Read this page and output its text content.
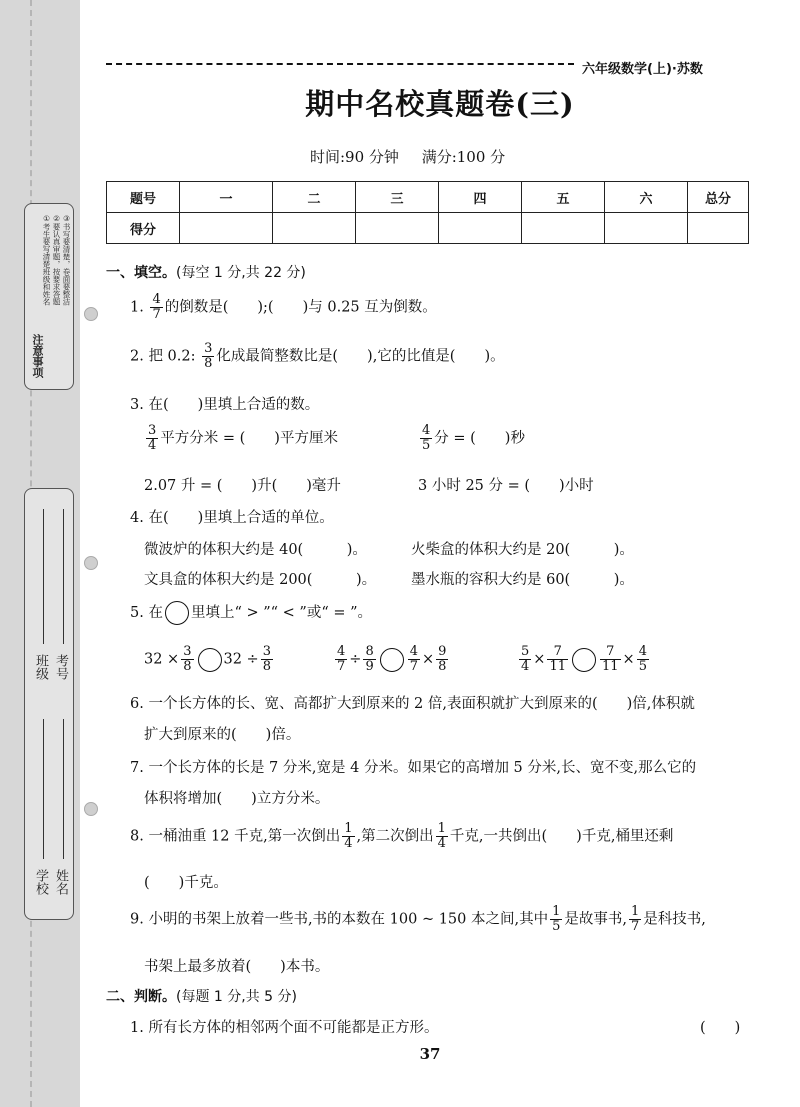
注意事项
①考生要写清楚班级和姓名 ②要认真审题，按要求答题 ③书写要清楚，卷面要整洁
班级 考号
学校 姓名
六年级数学(上)·苏数
期中名校真题卷(三)
时间:90 分钟 满分:100 分
题号	一	二	三	四	五	六	总分
得分							
一、填空。(每空 1 分,共 22 分)
1. $\frac{4}{7}$ 的倒数是(　　);(　　)与 0.25 互为倒数。
2. 把 0.2: $\frac{3}{8}$ 化成最简整数比是(　　),它的比值是(　　)。
3. 在(　　)里填上合适的数。
$\frac{3}{4}$ 平方分米 = (　　)平方厘米	$\frac{4}{5}$ 分 = (　　)秒
2.07 升 = (　　)升(　　)毫升	3 小时 25 分 = (　　)小时
4. 在(　　)里填上合适的单位。
微波炉的体积大约是 40(　　　)。	火柴盒的体积大约是 20(　　　)。
文具盒的体积大约是 200(　　　)。 墨水瓶的容积大约是 60(　　　)。
5. 在 里填上“ > ”“ < ”或“ = ”。
$32 \times \frac{3}{8} 32 \div \frac{3}{8}$	$\frac{4}{7} \div \frac{8}{9} \frac{4}{7} \times \frac{9}{8}$	$\frac{5}{4} \times \frac{7}{11} \frac{7}{11} \times \frac{4}{5}$
6. 一个长方体的长、宽、高都扩大到原来的 2 倍,表面积就扩大到原来的(　　)倍,体积就
扩大到原来的(　　)倍。
7. 一个长方体的长是 7 分米,宽是 4 分米。如果它的高增加 5 分米,长、宽不变,那么它的
体积将增加(　　)立方分米。
8. 一桶油重 12 千克,第一次倒出 $\frac{1}{4}$ ,第二次倒出 $\frac{1}{4}$ 千克,一共倒出(　　)千克,桶里还剩
(　　)千克。
9. 小明的书架上放着一些书,书的本数在 100 ~ 150 本之间,其中 $\frac{1}{5}$ 是故事书, $\frac{1}{7}$ 是科技书,
书架上最多放着(　　)本书。
二、判断。(每题 1 分,共 5 分)
1. 所有长方体的相邻两个面不可能都是正方形。	(　　)
37
